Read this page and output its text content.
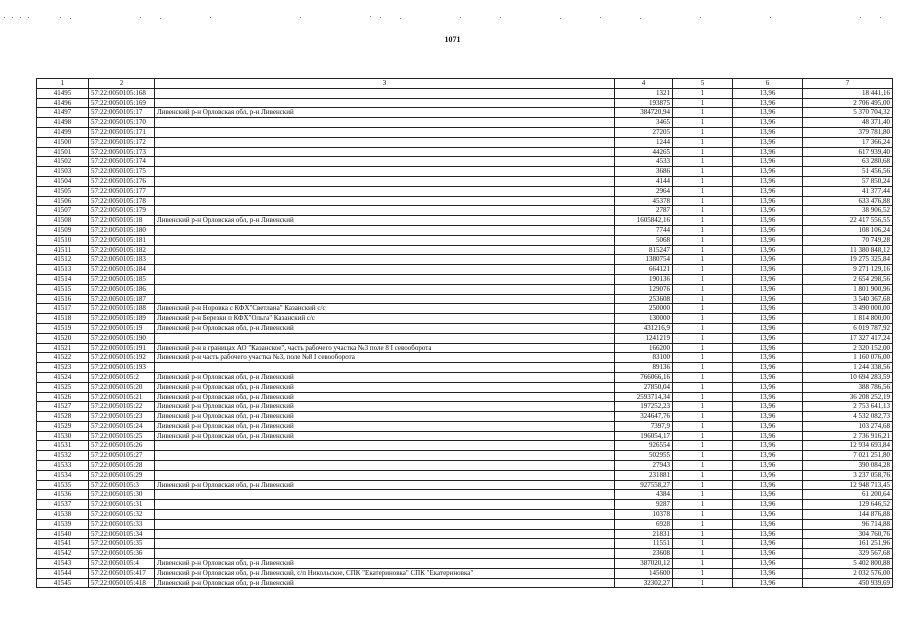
1071
1	2	3	4	5	6	7
41495	57:22:0050105:168		1321	1	13,96	18 441,16
41496	57:22:0050105:169		193875	1	13,96	2 706 495,00
41497	57:22:0050105:17	Ливенский р-н Орловская обл, р-н Ливенский	384720,94	1	13,96	5 370 704,32
41498	57:22:0050105:170		3465	1	13,96	48 371,40
41499	57:22:0050105:171		27205	1	13,96	379 781,80
41500	57:22:0050105:172		1244	1	13,96	17 366,24
41501	57:22:0050105:173		44265	1	13,96	617 939,40
41502	57:22:0050105:174		4533	1	13,96	63 280,68
41503	57:22:0050105:175		3686	1	13,96	51 456,56
41504	57:22:0050105:176		4144	1	13,96	57 850,24
41505	57:22:0050105:177		2964	1	13,96	41 377,44
41506	57:22:0050105:178		45378	1	13,96	633 476,88
41507	57:22:0050105:179		2787	1	13,96	38 906,52
41508	57:22:0050105:18	Ливенский р-н Орловская обл, р-н Ливенский	1605842,16	1	13,96	22 417 556,55
41509	57:22:0050105:180		7744	1	13,96	108 106,24
41510	57:22:0050105:181		5068	1	13,96	70 749,28
41511	57:22:0050105:182		815247	1	13,96	11 380 848,12
41512	57:22:0050105:183		1380754	1	13,96	19 275 325,84
41513	57:22:0050105:184		664121	1	13,96	9 271 129,16
41514	57:22:0050105:185		190136	1	13,96	2 654 298,56
41515	57:22:0050105:186		129076	1	13,96	1 801 900,96
41516	57:22:0050105:187		253608	1	13,96	3 540 367,68
41517	57:22:0050105:188	Ливенский р-н Норовка с КФХ"Светлана" Казанский с/с	250000	1	13,96	3 490 000,00
41518	57:22:0050105:189	Ливенский р-н Березки п КФХ"Ольга" Казанский с/с	130000	1	13,96	1 814 800,00
41519	57:22:0050105:19	Ливенский р-н Орловская обл, р-н Ливенский	431216,9	1	13,96	6 019 787,92
41520	57:22:0050105:190		1241219	1	13,96	17 327 417,24
41521	57:22:0050105:191	Ливенский р-н в границах АО "Казанское", часть рабочего участка №3 поле 8 I севооборота	166200	1	13,96	2 320 152,00
41522	57:22:0050105:192	Ливенский р-н часть рабочего участка №3, поле №8 I севооборота	83100	1	13,96	1 160 076,00
41523	57:22:0050105:193		89136	1	13,96	1 244 338,56
41524	57:22:0050105:2	Ливенский р-н Орловская обл, р-н Ливенский	766066,16	1	13,96	10 694 283,59
41525	57:22:0050105:20	Ливенский р-н Орловская обл, р-н Ливенский	27850,04	1	13,96	388 786,56
41526	57:22:0050105:21	Ливенский р-н Орловская обл, р-н Ливенский	2593714,34	1	13,96	36 208 252,19
41527	57:22:0050105:22	Ливенский р-н Орловская обл, р-н Ливенский	197252,23	1	13,96	2 753 641,13
41528	57:22:0050105:23	Ливенский р-н Орловская обл, р-н Ливенский	324647,76	1	13,96	4 532 082,73
41529	57:22:0050105:24	Ливенский р-н Орловская обл, р-н Ливенский	7397,9	1	13,96	103 274,68
41530	57:22:0050105:25	Ливенский р-н Орловская обл, р-н Ливенский	196054,17	1	13,96	2 736 916,21
41531	57:22:0050105:26		926554	1	13,96	12 934 693,84
41532	57:22:0050105:27		502955	1	13,96	7 021 251,80
41533	57:22:0050105:28		27943	1	13,96	390 084,28
41534	57:22:0050105:29		231881	1	13,96	3 237 058,76
41535	57:22:0050105:3	Ливенский р-н Орловская обл, р-н Ливенский	927558,27	1	13,96	12 948 713,45
41536	57:22:0050105:30		4384	1	13,96	61 200,64
41537	57:22:0050105:31		9287	1	13,96	129 646,52
41538	57:22:0050105:32		10378	1	13,96	144 876,88
41539	57:22:0050105:33		6928	1	13,96	96 714,88
41540	57:22:0050105:34		21831	1	13,96	304 760,76
41541	57:22:0050105:35		11551	1	13,96	161 251,96
41542	57:22:0050105:36		23608	1	13,96	329 567,68
41543	57:22:0050105:4	Ливенский р-н Орловская обл, р-н Ливенский	387020,12	1	13,96	5 402 800,88
41544	57:22:0050105:417	Ливенский р-н Орловская обл, р-н Ливенский, с/п Никольское, СПК "Екатериновка" СПК "Екатериновка"	145600	1	13,96	2 032 576,00
41545	57:22:0050105:418	Ливенский р-н Орловская обл, р-н Ливенский	32302,27	1	13,96	450 939,69
